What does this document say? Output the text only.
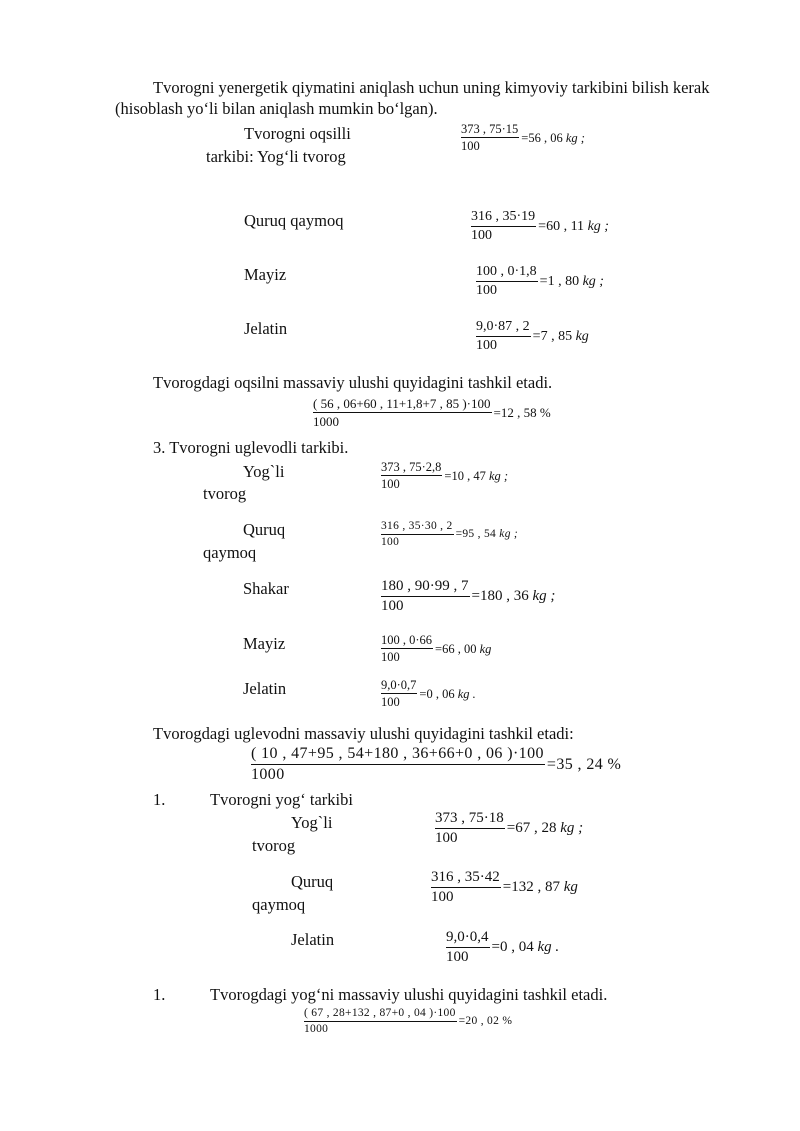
Tvorogni yenergetik qiymatini aniqlash uchun uning kimyoviy tarkibini bilish kerak
(hisoblash yo‘li bilan aniqlash mumkin bo‘lgan).
Tvorogni oqsilli
tarkibi: Yog‘li tvorog
$\frac{373 , 75\cdot 15}{100} =56$ , 06
kg ;
Quruq qaymoq	$\frac{316 , 35\cdot 19}{100} =60$ , 11
kg ;
Mayiz	$\frac{100 , 0\cdot 1,8}{100} =1$ , 80
kg ;
Jelatin	$\frac{9,0\cdot 87 , 2}{100} =7$ , 85
kg
Tvorogdagi oqsilni massaviy ulushi quyidagini tashkil etadi.
$\frac{( 56 , 06+60 , 11+1,8+7 , 85 )\cdot 100}{1000} =12$ , 58 %
3. Tvorogni uglevodli tarkibi.
Yog`li
tvorog
$\frac{373 , 75\cdot 2,8}{100} =10$ , 47
kg ;
Quruq
qaymoq
$\frac{316 , 35\cdot 30 , 2}{100} =95$ , 54
kg ;
Shakar	$\frac{180 , 90\cdot 99 , 7}{100} =180$ , 36
kg ;
Mayiz	$\frac{100 , 0\cdot 66}{100} =66$ , 00
kg
Jelatin	$\frac{9,0\cdot 0,7}{100} =0$ , 06
kg .
Tvorogdagi uglevodni massaviy ulushi quyidagini tashkil etadi:
$\frac{( 10 , 47+95 , 54+180 , 36+66+0 , 06 )\cdot 100}{1000} =35$ , 24 %
1.	Tvorogni yog‘ tarkibi
Yog`li
tvorog	$\frac{373 , 75\cdot 18}{100} =67$ , 28
kg ;
Quruq
qaymoq	$\frac{316 , 35\cdot 42}{100} =132$ , 87
kg
Jelatin	$\frac{9,0\cdot 0,4}{100} =0$ , 04
kg .
1.	Tvorogdagi yog‘ni massaviy ulushi quyidagini tashkil etadi.
$\frac{( 67 , 28+132 , 87+0 , 04 )\cdot 100}{1000} =20$ , 02 %
